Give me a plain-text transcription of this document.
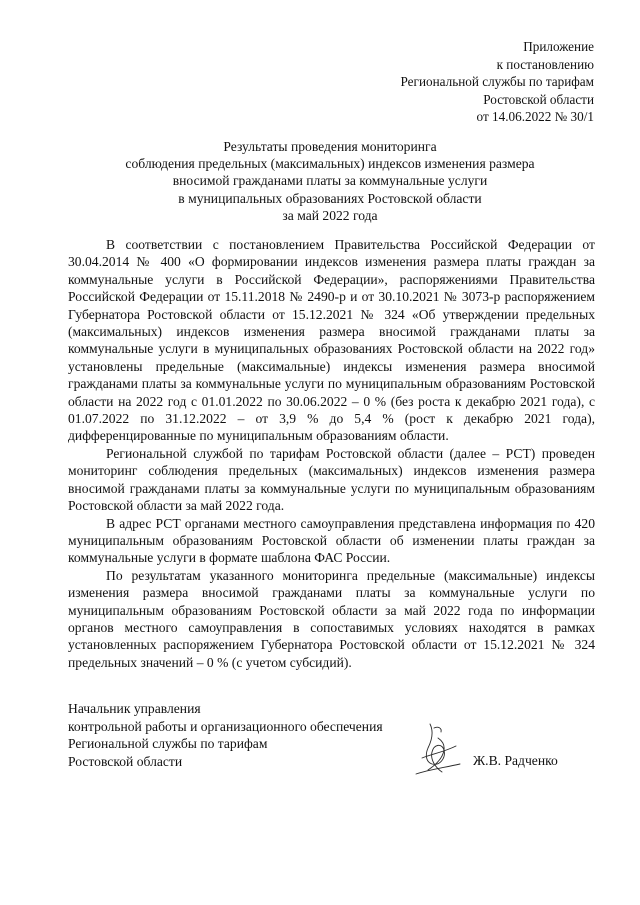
Приложение
к постановлению
Региональной службы по тарифам
Ростовской области
от 14.06.2022 № 30/1
Результаты проведения мониторинга
соблюдения предельных (максимальных) индексов изменения размера
вносимой гражданами платы за коммунальные услуги
в муниципальных образованиях Ростовской области
за май 2022 года

В соответствии с постановлением Правительства Российской Федерации от 30.04.2014 № 400 «О формировании индексов изменения размера платы граждан за коммунальные услуги в Российской Федерации», распоряжениями Правительства Российской Федерации от 15.11.2018 № 2490-р и от 30.10.2021 № 3073-р распоряжением Губернатора Ростовской области от 15.12.2021 № 324 «Об утверждении предельных (максимальных) индексов изменения размера вносимой гражданами платы за коммунальные услуги в муниципальных образованиях Ростовской области на 2022 год» установлены предельные (максимальные) индексы изменения размера вносимой гражданами платы за коммунальные услуги по муниципальным образованиям Ростовской области на 2022 год с 01.01.2022 по 30.06.2022 – 0 % (без роста к декабрю 2021 года), с 01.07.2022 по 31.12.2022 – от 3,9 % до 5,4 % (рост к декабрю 2021 года), дифференцированные по муниципальным образованиям области.

Региональной службой по тарифам Ростовской области (далее – РСТ) проведен мониторинг соблюдения предельных (максимальных) индексов изменения размера вносимой гражданами платы за коммунальные услуги по муниципальным образованиям Ростовской области за май 2022 года.

В адрес РСТ органами местного самоуправления представлена информация по 420 муниципальным образованиям Ростовской области об изменении платы граждан за коммунальные услуги в формате шаблона ФАС России.

По результатам указанного мониторинга предельные (максимальные) индексы изменения размера вносимой гражданами платы за коммунальные услуги по муниципальным образованиям Ростовской области за май 2022 года по информации органов местного самоуправления в сопоставимых условиях находятся в рамках установленных распоряжением Губернатора Ростовской области от 15.12.2021 № 324 предельных значений – 0 % (с учетом субсидий).

Начальник управления
контрольной работы и организационного обеспечения
Региональной службы по тарифам
Ростовской области	Ж.В. Радченко
